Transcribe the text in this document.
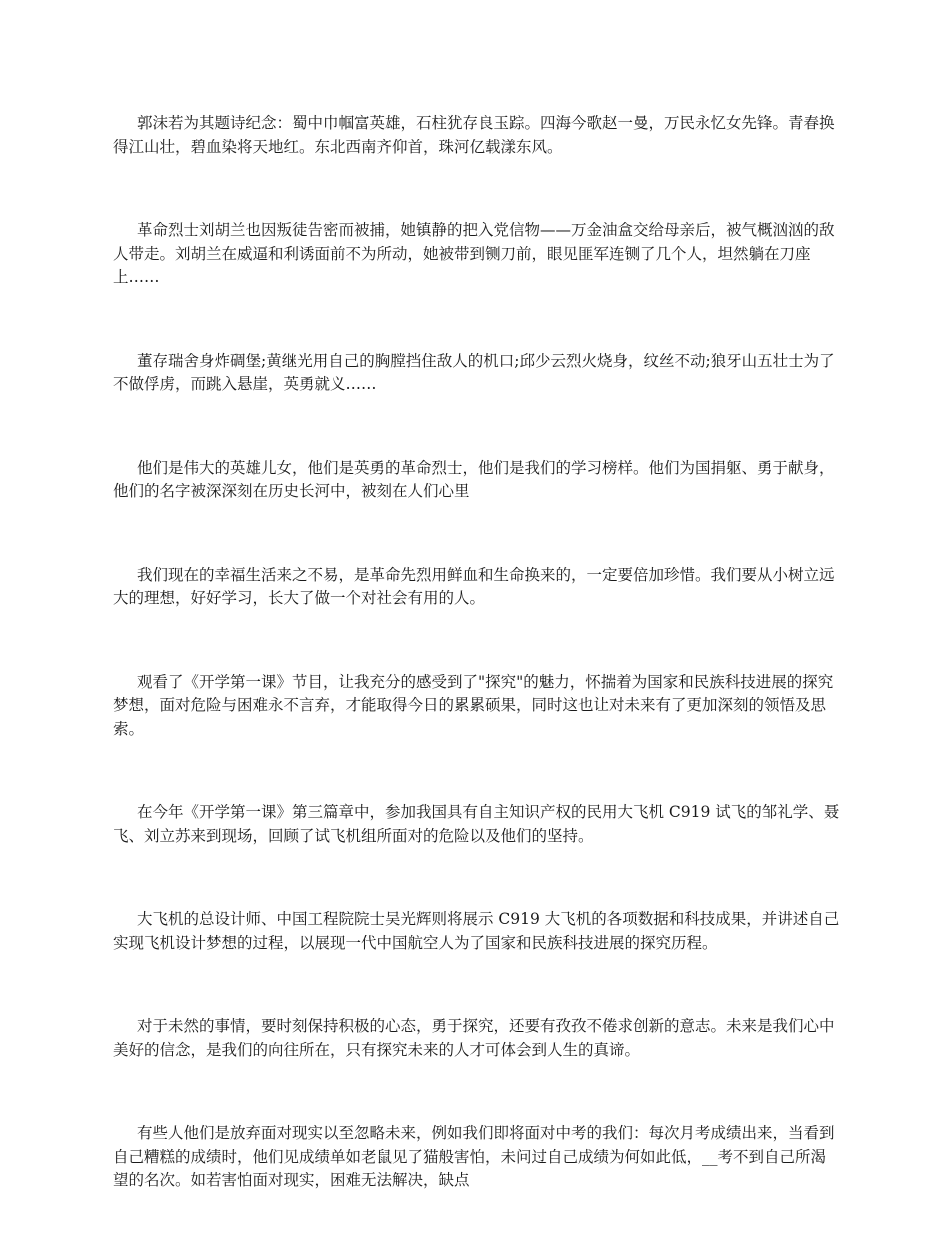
郭沫若为其题诗纪念：蜀中巾帼富英雄，石柱犹存良玉踪。四海今歌赵一曼，万民永忆女先锋。青春换得江山壮，碧血染将天地红。东北西南齐仰首，珠河亿载漾东风。

革命烈士刘胡兰也因叛徒告密而被捕，她镇静的把入党信物——万金油盒交给母亲后，被气概汹汹的敌人带走。刘胡兰在威逼和利诱面前不为所动，她被带到铡刀前，眼见匪军连铡了几个人，坦然躺在刀座上……

董存瑞舍身炸碉堡;黄继光用自己的胸膛挡住敌人的机口;邱少云烈火烧身，纹丝不动;狼牙山五壮士为了不做俘虏，而跳入悬崖，英勇就义……

他们是伟大的英雄儿女，他们是英勇的革命烈士，他们是我们的学习榜样。他们为国捐躯、勇于献身，他们的名字被深深刻在历史长河中，被刻在人们心里

我们现在的幸福生活来之不易，是革命先烈用鲜血和生命换来的，一定要倍加珍惜。我们要从小树立远大的理想，好好学习，长大了做一个对社会有用的人。

观看了《开学第一课》节目，让我充分的感受到了"探究"的魅力，怀揣着为国家和民族科技进展的探究梦想，面对危险与困难永不言弃，才能取得今日的累累硕果，同时这也让对未来有了更加深刻的领悟及思索。

在今年《开学第一课》第三篇章中，参加我国具有自主知识产权的民用大飞机 C919 试飞的邹礼学、聂飞、刘立苏来到现场，回顾了试飞机组所面对的危险以及他们的坚持。

大飞机的总设计师、中国工程院院士吴光辉则将展示 C919 大飞机的各项数据和科技成果，并讲述自己实现飞机设计梦想的过程，以展现一代中国航空人为了国家和民族科技进展的探究历程。

对于未然的事情，要时刻保持积极的心态，勇于探究，还要有孜孜不倦求创新的意志。未来是我们心中美好的信念，是我们的向往所在，只有探究未来的人才可体会到人生的真谛。

有些人他们是放弃面对现实以至忽略未来，例如我们即将面对中考的我们：每次月考成绩出来，当看到自己糟糕的成绩时，他们见成绩单如老鼠见了猫般害怕，未问过自己成绩为何如此低，__考不到自己所渴望的名次。如若害怕面对现实，困难无法解决，缺点
